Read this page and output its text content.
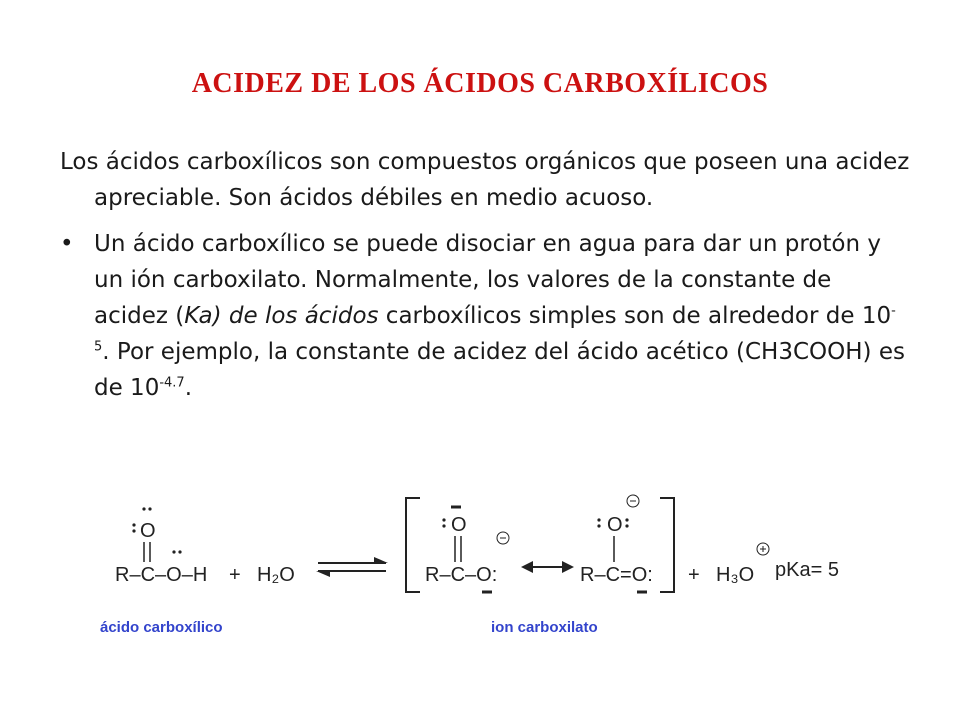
ACIDEZ DE LOS ÁCIDOS CARBOXÍLICOS
Los ácidos carboxílicos son compuestos orgánicos que poseen una acidez apreciable. Son ácidos débiles en medio acuoso.
• Un ácido carboxílico se puede disociar en agua para dar un protón y un ión carboxilato. Normalmente, los valores de la constante de acidez (Ka) de los ácidos carboxílicos simples son de alrededor de $10^{-5}$. Por ejemplo, la constante de acidez del ácido acético (CH3COOH) es de $10^{-4.7}$.
R–C–O–H
O
+ H₂O	R–C–O:
O
R–C=O:
O
+ H₃O pKa= 5
ácido carboxílico	ion carboxilato
